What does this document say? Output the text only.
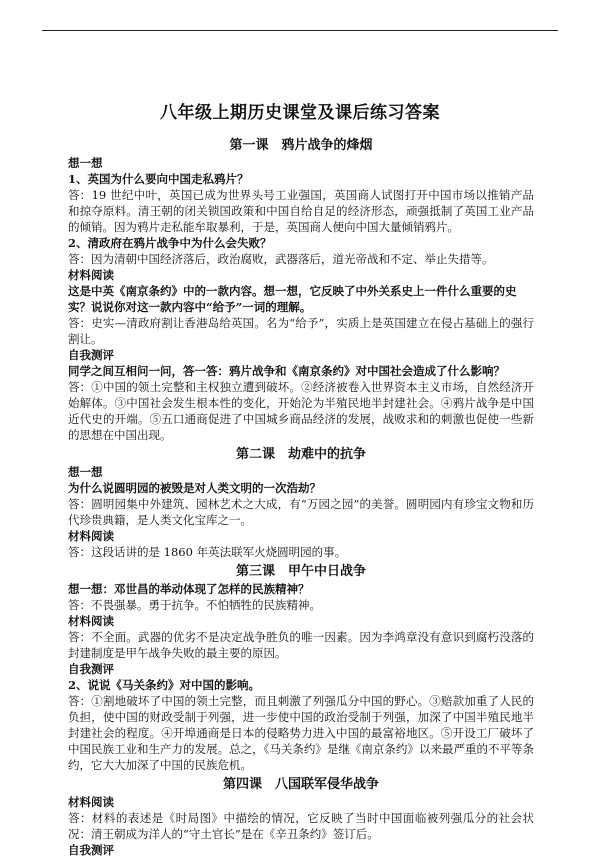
八年级上期历史课堂及课后练习答案
第一课　鸦片战争的烽烟
想一想
1、英国为什么要向中国走私鸦片？
答：19 世纪中叶，英国已成为世界头号工业强国，英国商人试图打开中国市场以推销产品和掠夺原料。清王朝的闭关锁国政策和中国自给自足的经济形态，顽强抵制了英国工业产品的倾销。因为鸦片走私能牟取暴利，于是，英国商人便向中国大量倾销鸦片。
2、清政府在鸦片战争中为什么会失败？
答：因为清朝中国经济落后，政治腐败，武器落后，道光帝战和不定、举止失措等。
材料阅读
这是中英《南京条约》中的一款内容。想一想，它反映了中外关系史上一件什么重要的史实？说说你对这一款内容中“给予”一词的理解。
答：史实—清政府割让香港岛给英国。名为“给予”，实质上是英国建立在侵占基础上的强行割让。
自我测评
同学之间互相问一问，答一答：鸦片战争和《南京条约》对中国社会造成了什么影响？
答：①中国的领土完整和主权独立遭到破坏。②经济被卷入世界资本主义市场，自然经济开始解体。③中国社会发生根本性的变化，开始沦为半殖民地半封建社会。④鸦片战争是中国近代史的开端。⑤五口通商促进了中国城乡商品经济的发展，战败求和的刺激也促使一些新的思想在中国出现。
第二课　劫难中的抗争
想一想
为什么说圆明园的被毁是对人类文明的一次浩劫？
答：圆明园集中外建筑、园林艺术之大成，有“万园之园”的美誉。圆明园内有珍宝文物和历代珍贵典籍，是人类文化宝库之一。
材料阅读
答：这段话讲的是 1860 年英法联军火烧圆明园的事。
第三课　甲午中日战争
想一想：邓世昌的举动体现了怎样的民族精神？
答：不畏强暴。勇于抗争。不怕牺牲的民族精神。
材料阅读
答：不全面。武器的优劣不是决定战争胜负的唯一因素。因为李鸿章没有意识到腐朽没落的封建制度是甲午战争失败的最主要的原因。
自我测评
2、说说《马关条约》对中国的影响。
答：①割地破坏了中国的领土完整，而且刺激了列强瓜分中国的野心。③赔款加重了人民的负担，使中国的财政受制于列强，进一步使中国的政治受制于列强，加深了中国半殖民地半封建社会的程度。④开埠通商是日本的侵略势力进入中国的最富裕地区。⑤开设工厂破坏了中国民族工业和生产力的发展。总之，《马关条约》是继《南京条约》以来最严重的不平等条约，它大大加深了中国的民族危机。
第四课　八国联军侵华战争
材料阅读
答：材料的表述是《时局图》中描绘的情况，它反映了当时中国面临被列强瓜分的社会状况：清王朝成为洋人的“守土官长”是在《辛丑条约》签订后。
自我测评
